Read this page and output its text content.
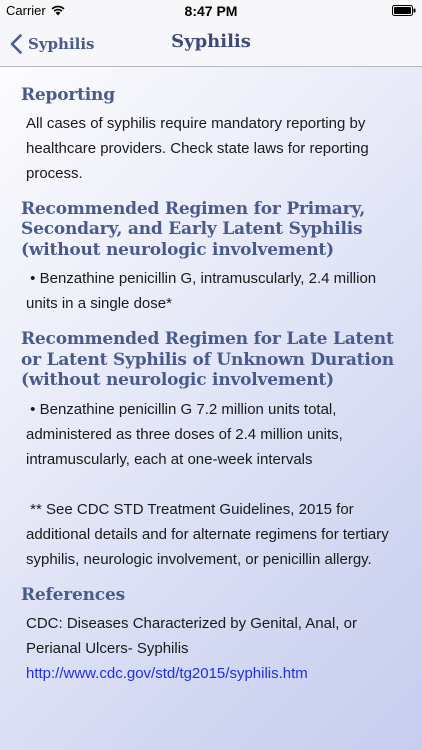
Carrier	8:47 PM
Syphilis	Syphilis
Reporting

All cases of syphilis require mandatory reporting by healthcare providers. Check state laws for reporting process.

Recommended Regimen for Primary, Secondary, and Early Latent Syphilis (without neurologic involvement)

• Benzathine penicillin G, intramuscularly, 2.4 million units in a single dose*

Recommended Regimen for Late Latent or Latent Syphilis of Unknown Duration (without neurologic involvement)

• Benzathine penicillin G 7.2 million units total, administered as three doses of 2.4 million units, intramuscularly, each at one-week intervals

** See CDC STD Treatment Guidelines, 2015 for additional details and for alternate regimens for tertiary syphilis, neurologic involvement, or penicillin allergy.

References

CDC: Diseases Characterized by Genital, Anal, or Perianal Ulcers- Syphilis

http://www.cdc.gov/std/tg2015/syphilis.htm
